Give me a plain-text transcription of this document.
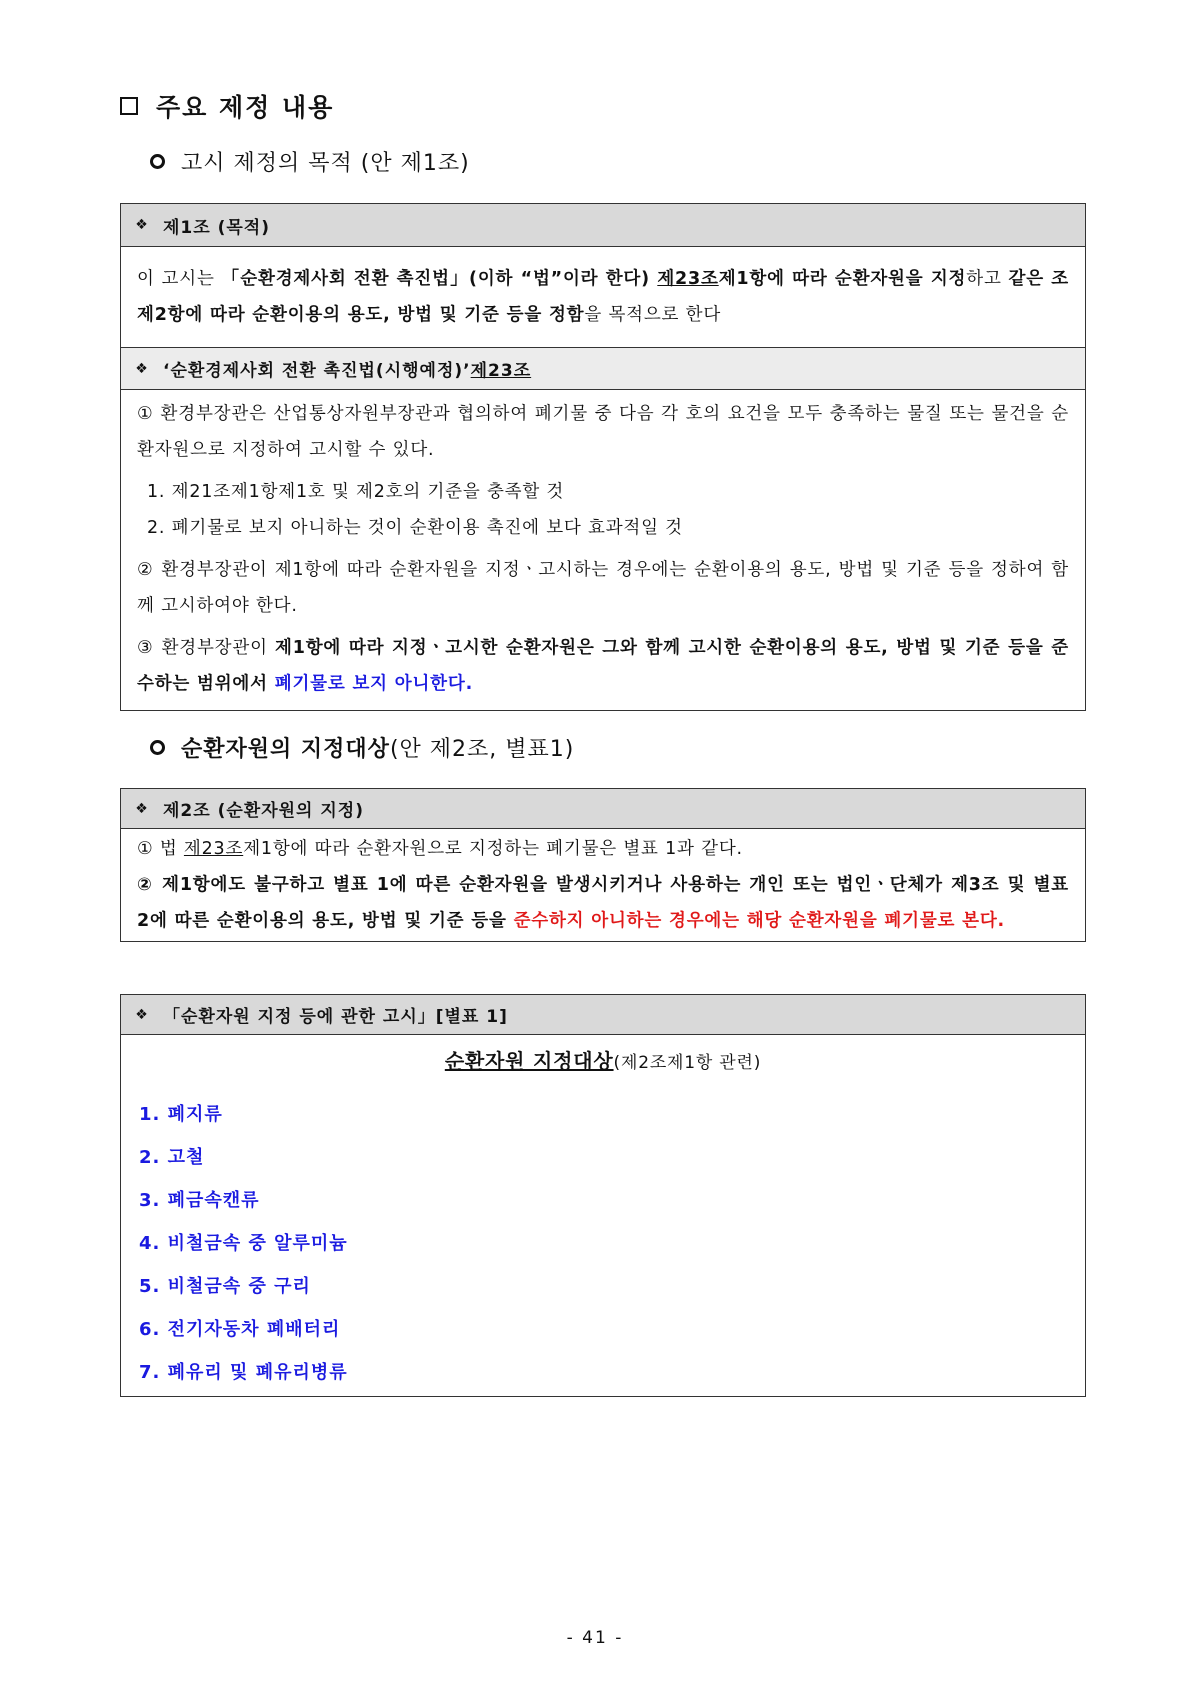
주요 제정 내용
고시 제정의 목적 (안 제1조)
❖ 제1조 (목적)
이 고시는 「순환경제사회 전환 촉진법」(이하 “법”이라 한다) 제23조제1항에 따라 순환자원을 지정하고 같은 조 제2항에 따라 순환이용의 용도, 방법 및 기준 등을 정함을 목적으로 한다
❖ ‘순환경제사회 전환 촉진법(시행예정)’ 제23조
① 환경부장관은 산업통상자원부장관과 협의하여 폐기물 중 다음 각 호의 요건을 모두 충족하는 물질 또는 물건을 순환자원으로 지정하여 고시할 수 있다.
1. 제21조제1항제1호 및 제2호의 기준을 충족할 것
2. 폐기물로 보지 아니하는 것이 순환이용 촉진에 보다 효과적일 것
② 환경부장관이 제1항에 따라 순환자원을 지정ㆍ고시하는 경우에는 순환이용의 용도, 방법 및 기준 등을 정하여 함께 고시하여야 한다.
③ 환경부장관이 제1항에 따라 지정ㆍ고시한 순환자원은 그와 함께 고시한 순환이용의 용도, 방법 및 기준 등을 준수하는 범위에서 폐기물로 보지 아니한다.
순환자원의 지정대상 (안 제2조, 별표1)
❖ 제2조 (순환자원의 지정)
① 법 제23조제1항에 따라 순환자원으로 지정하는 폐기물은 별표 1과 같다.
② 제1항에도 불구하고 별표 1에 따른 순환자원을 발생시키거나 사용하는 개인 또는 법인ㆍ단체가 제3조 및 별표 2에 따른 순환이용의 용도, 방법 및 기준 등을 준수하지 아니하는 경우에는 해당 순환자원을 폐기물로 본다.
❖ 「순환자원 지정 등에 관한 고시」[별표 1]
순환자원 지정대상(제2조제1항 관련)
1. 폐지류
2. 고철
3. 폐금속캔류
4. 비철금속 중 알루미늄
5. 비철금속 중 구리
6. 전기자동차 폐배터리
7. 폐유리 및 폐유리병류
- 41 -
